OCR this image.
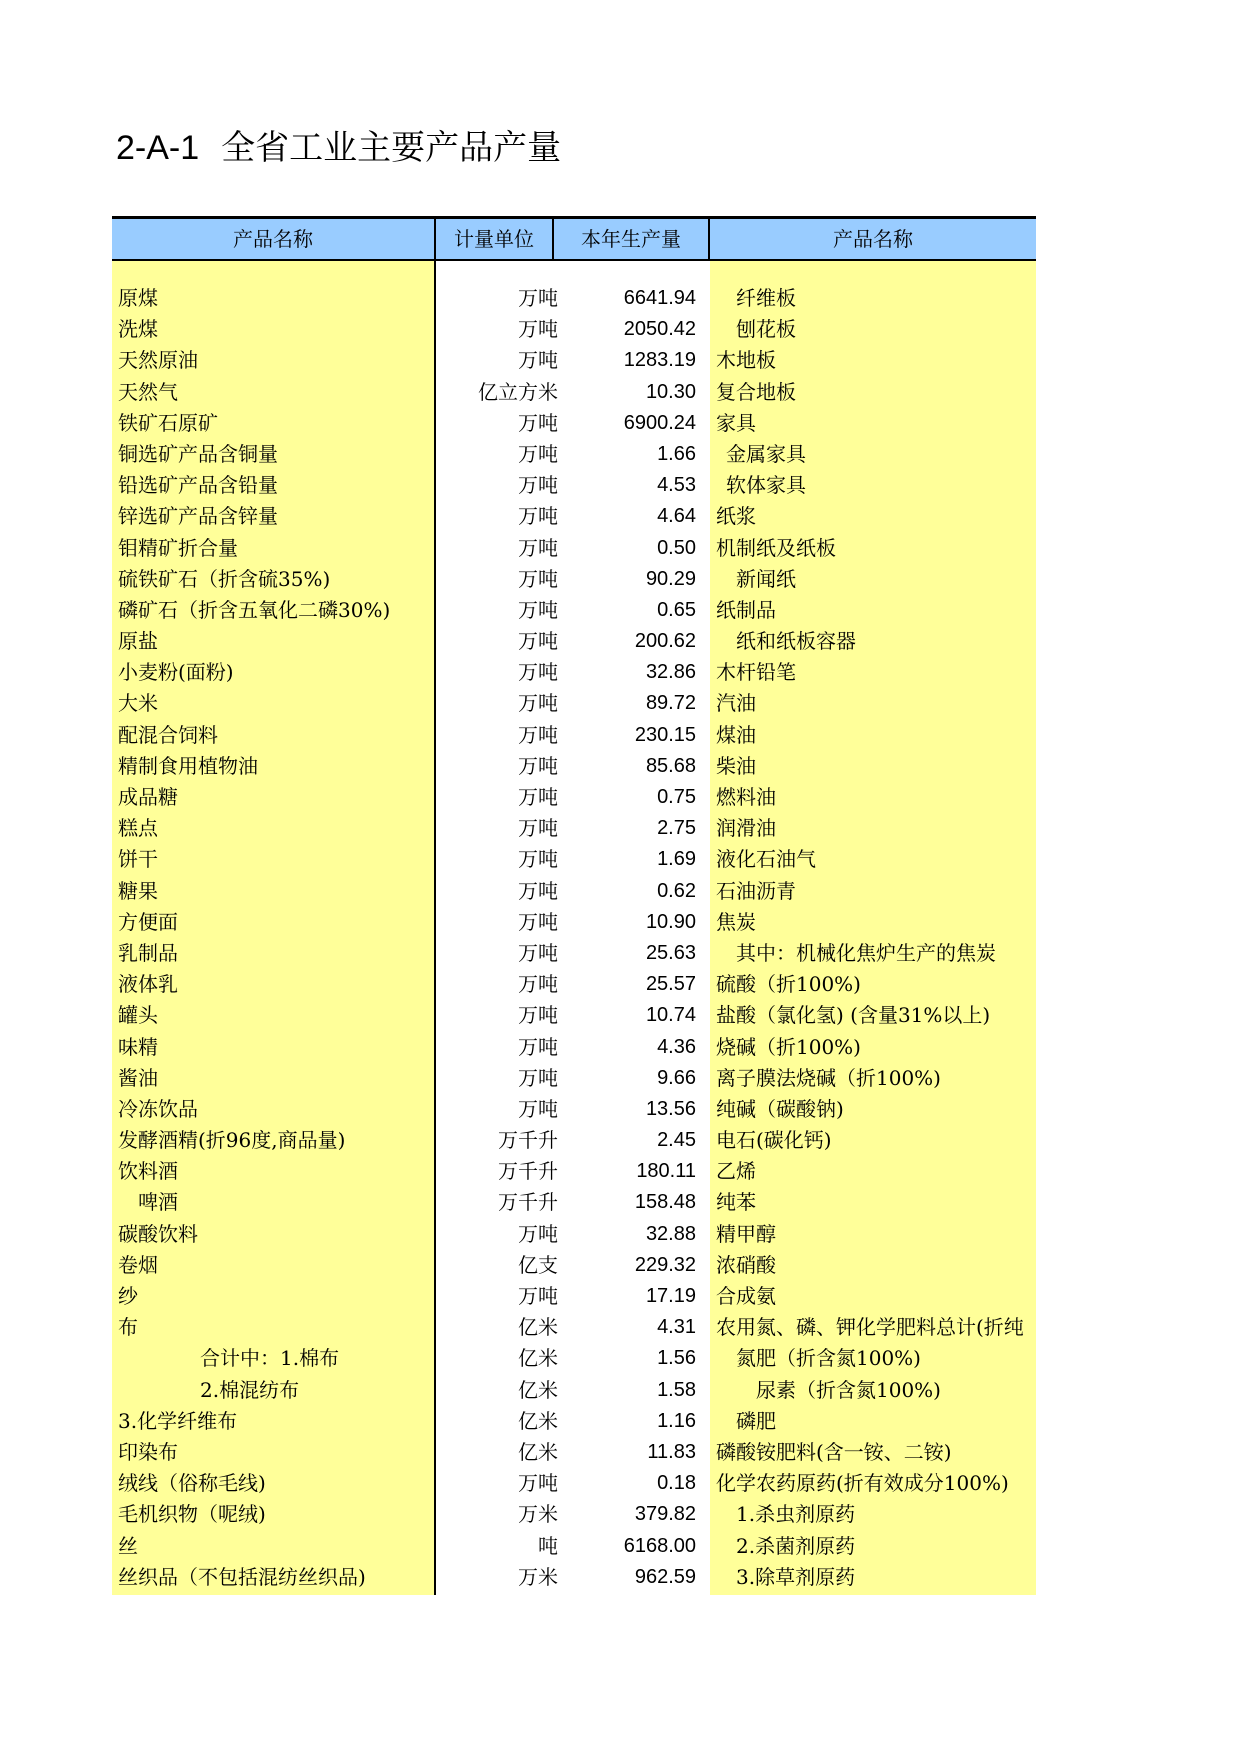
2-A-1 全省工业主要产品产量
产品名称	计量单位	本年生产量	产品名称
原煤	万吨	6641.94	纤维板
洗煤	万吨	2050.42	刨花板
天然原油	万吨	1283.19 木地板
天然气	亿立方米	10.30 复合地板
铁矿石原矿	万吨	6900.24 家具
铜选矿产品含铜量	万吨	1.66	金属家具
铅选矿产品含铅量	万吨	4.53	软体家具
锌选矿产品含锌量	万吨	4.64 纸浆
钼精矿折合量	万吨	0.50 机制纸及纸板
硫铁矿石（折含硫35%)	万吨	90.29	新闻纸
磷矿石（折含五氧化二磷30%)	万吨	0.65 纸制品
原盐	万吨	200.62	纸和纸板容器
小麦粉(面粉)	万吨	32.86 木杆铅笔
大米	万吨	89.72 汽油
配混合饲料	万吨	230.15 煤油
精制食用植物油	万吨	85.68 柴油
成品糖	万吨	0.75 燃料油
糕点	万吨	2.75 润滑油
饼干	万吨	1.69 液化石油气
糖果	万吨	0.62 石油沥青
方便面	万吨	10.90 焦炭
乳制品	万吨	25.63	其中：机械化焦炉生产的焦炭
液体乳	万吨	25.57 硫酸（折100%)
罐头	万吨	10.74 盐酸（氯化氢) (含量31%以上)
味精	万吨	4.36 烧碱（折100%)
酱油	万吨	9.66 离子膜法烧碱（折100%)
冷冻饮品	万吨	13.56 纯碱（碳酸钠)
发酵酒精(折96度,商品量)	万千升	2.45 电石(碳化钙)
饮料酒	万千升	180.11 乙烯
啤酒	万千升	158.48 纯苯
碳酸饮料	万吨	32.88 精甲醇
卷烟	亿支	229.32 浓硝酸
纱	万吨	17.19 合成氨
布	亿米	4.31 农用氮、磷、钾化学肥料总计(折纯
合计中：1.棉布	亿米	1.56	氮肥（折含氮100%)
2.棉混纺布	亿米	1.58	尿素（折含氮100%)
3.化学纤维布	亿米	1.16	磷肥
印染布	亿米	11.83 磷酸铵肥料(含一铵、二铵)
绒线（俗称毛线)	万吨	0.18 化学农药原药(折有效成分100%)
毛机织物（呢绒)	万米	379.82	1.杀虫剂原药
丝	吨	6168.00	2.杀菌剂原药
丝织品（不包括混纺丝织品)	万米	962.59	3.除草剂原药
